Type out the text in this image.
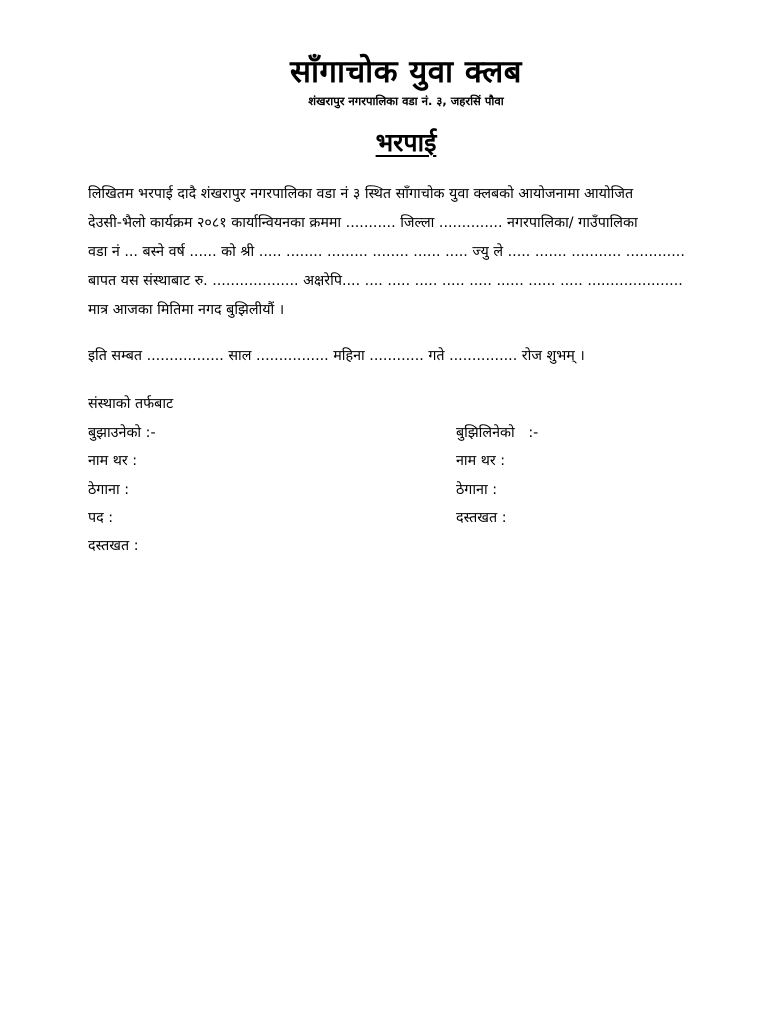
साँगाचोक युवा क्लब
शंखरापुर नगरपालिका वडा नं. ३, जहरसिं पौवा
भरपाई
लिखितम भरपाई दादै शंखरापुर नगरपालिका वडा नं ३ स्थित साँगाचोक युवा क्लबको आयोजनामा आयोजित
देउसी-भैलो कार्यक्रम २०८१ कार्यान्वियनका क्रममा ........... जिल्ला .............. नगरपालिका/ गाउँपालिका
वडा नं ... बस्ने वर्ष ...... को श्री ..... ........ ......... ........ ...... ..... ज्यु ले ..... ....... ........... .............
बापत यस संस्थाबाट रु. ................... अक्षरेपि.... .... ..... ..... ..... ..... ...... ...... ..... .....................
मात्र आजका मितिमा नगद बुझिलीयौं ।
इति सम्बत ................. साल ................ महिना ............ गते ............... रोज शुभम् ।
संस्थाको तर्फबाट
बुझाउनेको :-
नाम थर :
ठेगाना :
पद :
दस्तखत :
बुझिलिनेको   :-
नाम थर :
ठेगाना :
दस्तखत :
